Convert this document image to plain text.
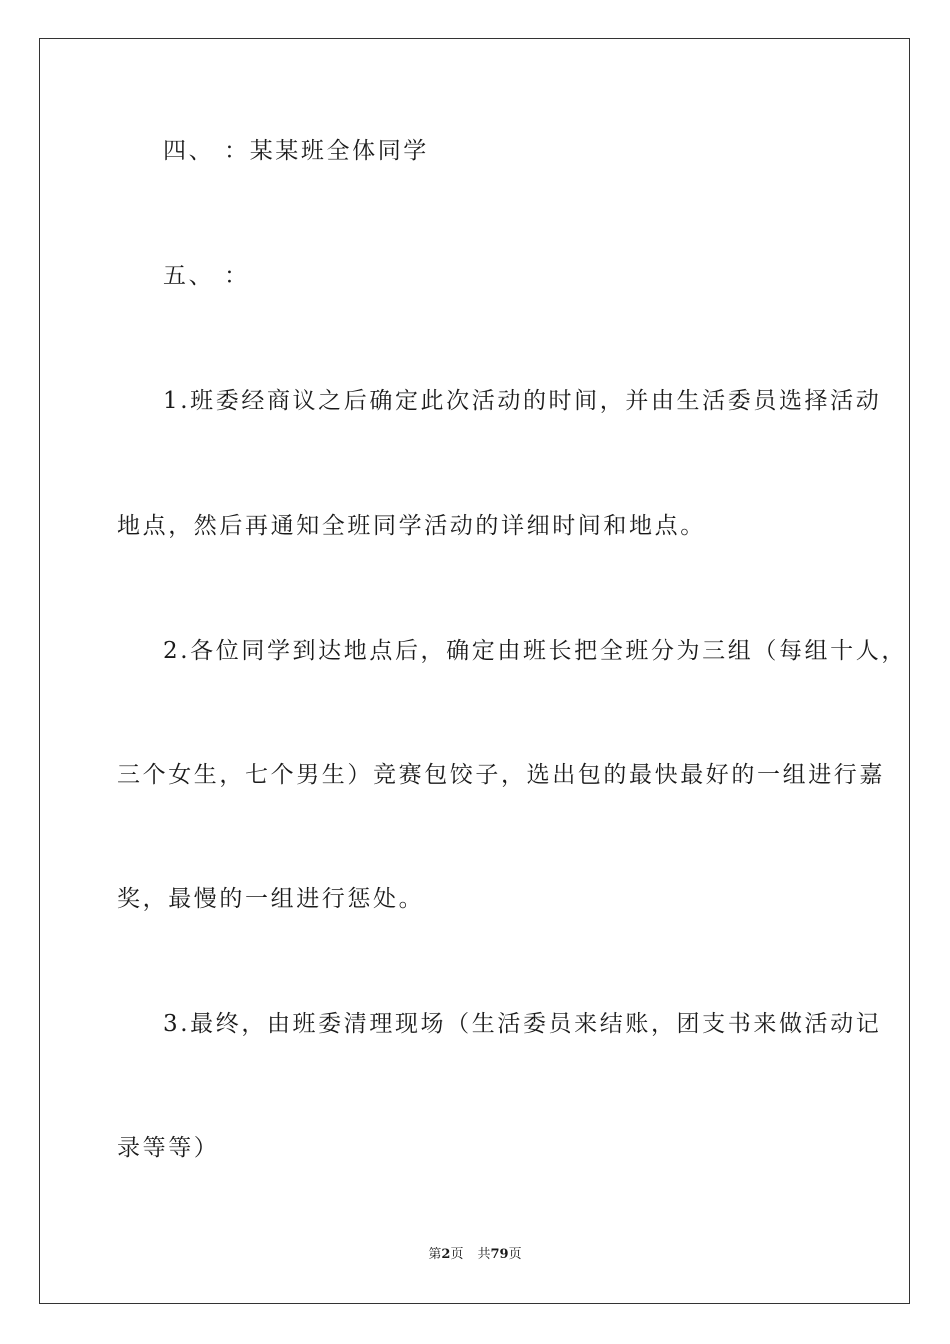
四、 ：某某班全体同学
五、 ：
1.班委经商议之后确定此次活动的时间，并由生活委员选择活动
地点，然后再通知全班同学活动的详细时间和地点。
2.各位同学到达地点后，确定由班长把全班分为三组（每组十人，
三个女生，七个男生）竞赛包饺子，选出包的最快最好的一组进行嘉
奖，最慢的一组进行惩处。
3.最终，由班委清理现场（生活委员来结账，团支书来做活动记
录等等）
第2页 共79页
